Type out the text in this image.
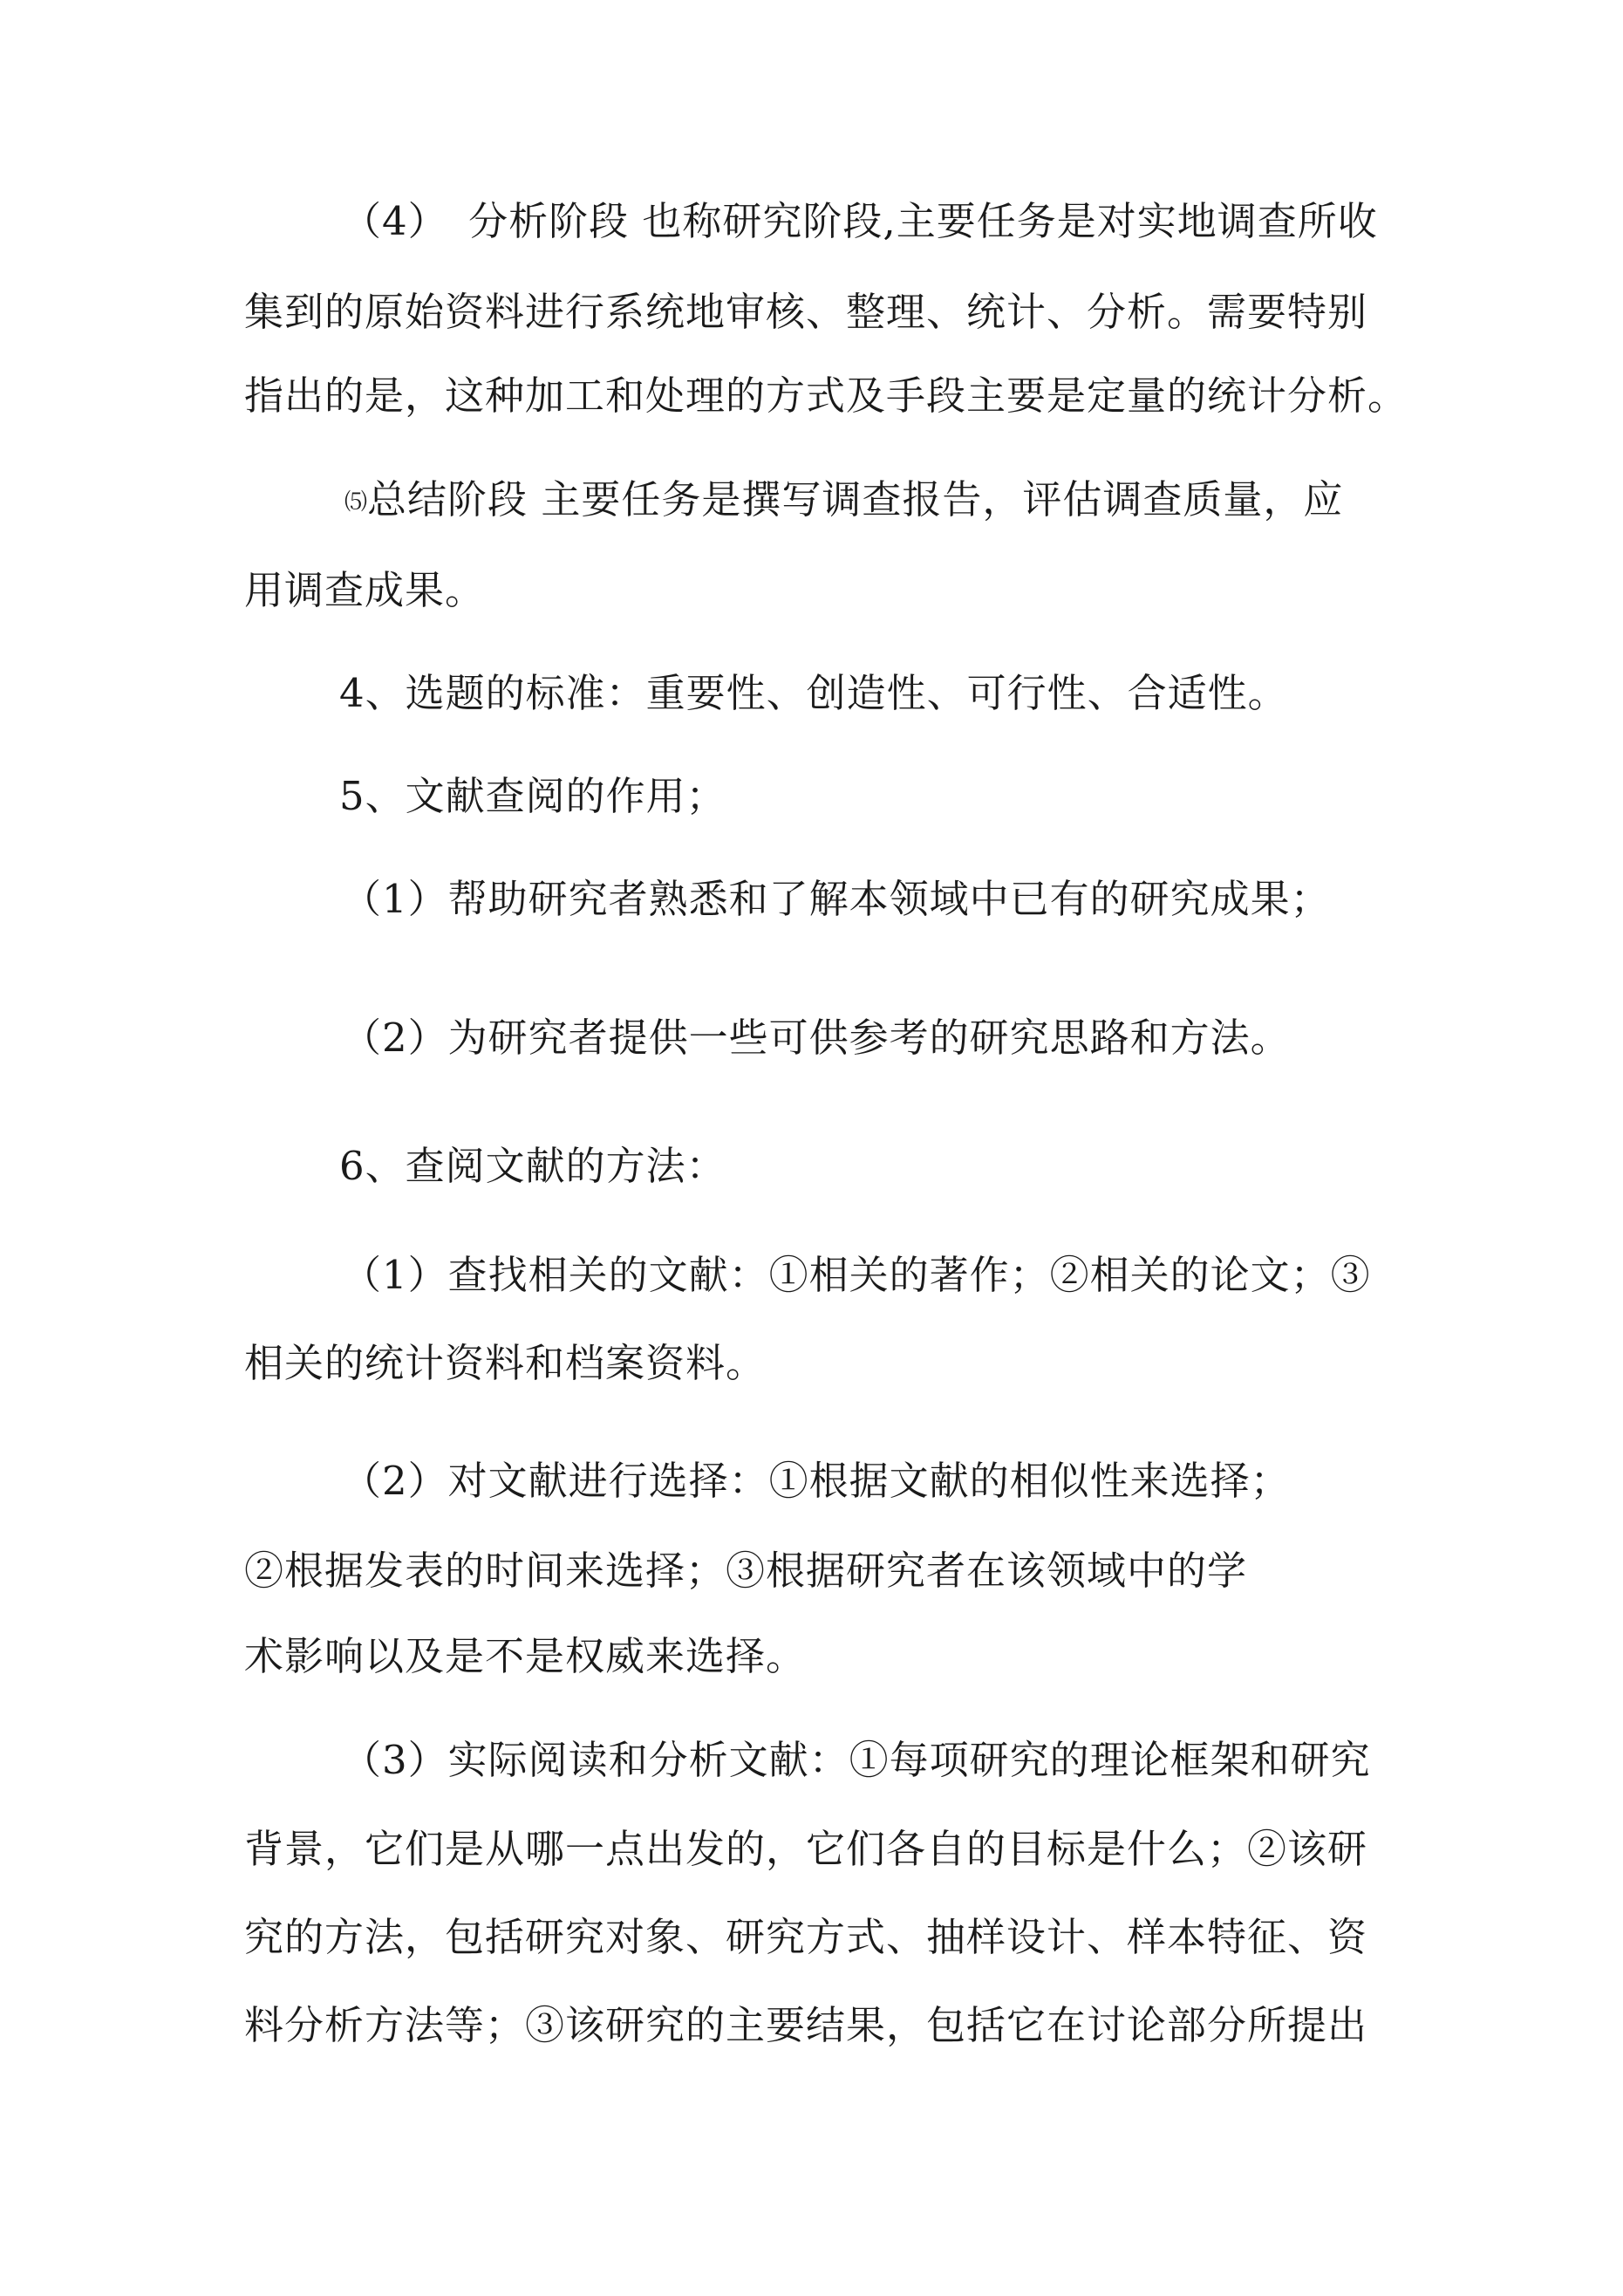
（4）　分析阶段 也称研究阶段,主要任务是对实地调查所收
集到的原始资料进行系统地审核、整理、统计、分析。需要特别
指出的是，这种加工和处理的方式及手段主要是定量的统计分析。
⑸总结阶段 主要任务是撰写调查报告，评估调查质量，应
用调查成果。
4、选题的标准：重要性、创造性、可行性、合适性。
5、文献查阅的作用；
（1）帮助研究者熟悉和了解本领域中已有的研究成果；
（2）为研究者提供一些可供参考的研究思路和方法。
6、查阅文献的方法：
（1）查找相关的文献：①相关的著作；②相关的论文；③
相关的统计资料和档案资料。
（2）对文献进行选择：①根据文献的相似性来选择；
②根据发表的时间来选择；③根据研究者在该领域中的学
术影响以及是不是权威来选择。
（3）实际阅读和分析文献：①每项研究的理论框架和研究
背景，它们是从哪一点出发的，它们各自的目标是什么；②该研
究的方法，包括研究对象、研究方式、抽样设计、样本特征、资
料分析方法等；③该研究的主要结果，包括它在讨论部分所提出
